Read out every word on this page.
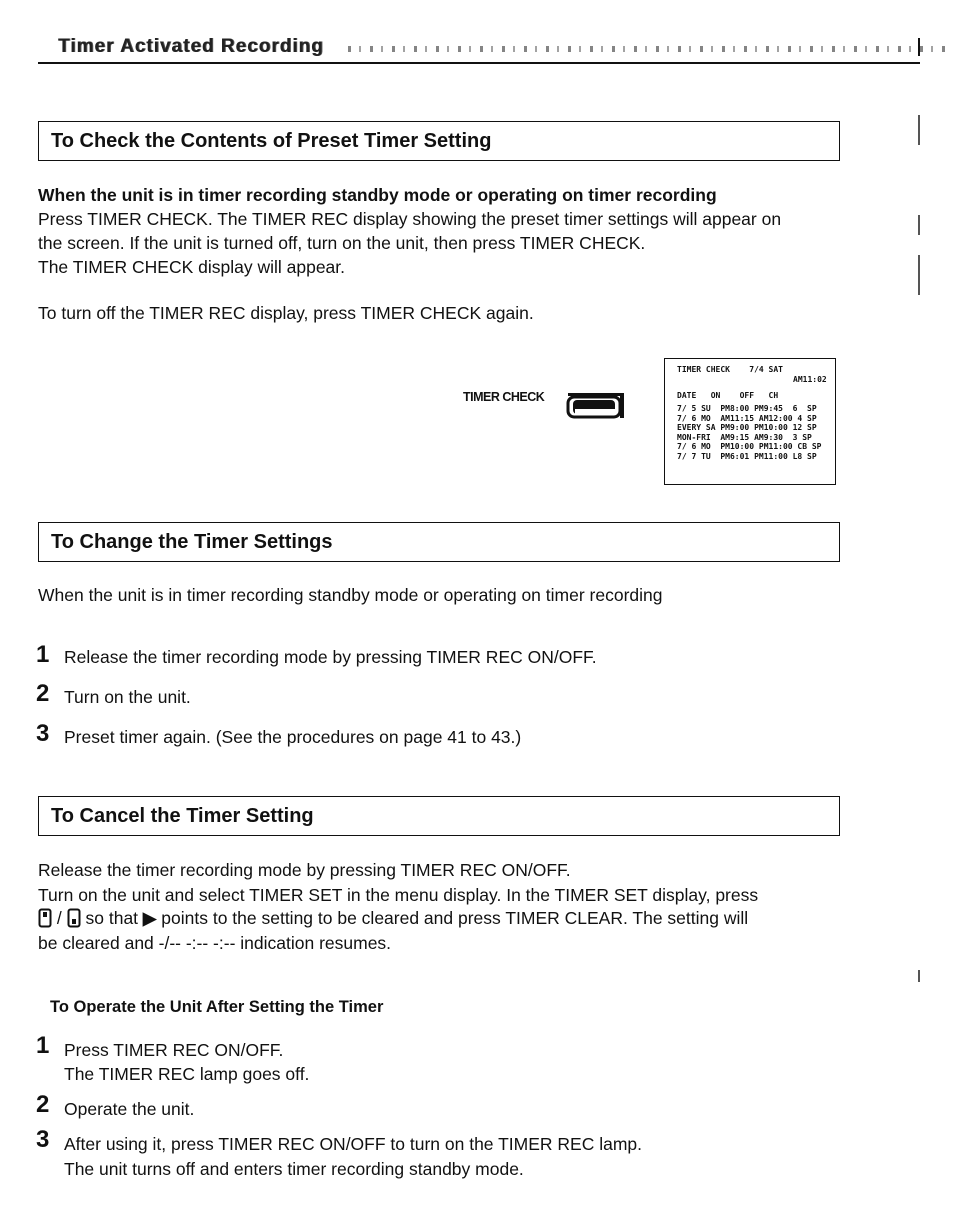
Timer Activated Recording
To Check the Contents of Preset Timer Setting
When the unit is in timer recording standby mode or operating on timer recording
Press TIMER CHECK. The TIMER REC display showing the preset timer settings will appear on
the screen. If the unit is turned off, turn on the unit, then press TIMER CHECK.
The TIMER CHECK display will appear.
To turn off the TIMER REC display, press TIMER CHECK again.
TIMER CHECK
TIMER CHECK 7/4 SAT
AM11:02
DATE   ON    OFF   CH
7/ 5 SU  PM8:00 PM9:45  6  SP
7/ 6 MO  AM11:15 AM12:00 4 SP
EVERY SA PM9:00 PM10:00 12 SP
MON-FRI  AM9:15 AM9:30  3 SP
7/ 6 MO  PM10:00 PM11:00 CB SP
7/ 7 TU  PM6:01 PM11:00 L8 SP
To Change the Timer Settings
When the unit is in timer recording standby mode or operating on timer recording
1 Release the timer recording mode by pressing TIMER REC ON/OFF.
2 Turn on the unit.
3 Preset timer again. (See the procedures on page 41 to 43.)
To Cancel the Timer Setting
Release the timer recording mode by pressing TIMER REC ON/OFF.
Turn on the unit and select TIMER SET in the menu display. In the TIMER SET display, press
/ so that ▶ points to the setting to be cleared and press TIMER CLEAR. The setting will
be cleared and -/-- -:-- -:-- indication resumes.
To Operate the Unit After Setting the Timer
1 Press TIMER REC ON/OFF.
The TIMER REC lamp goes off.
2 Operate the unit.
3 After using it, press TIMER REC ON/OFF to turn on the TIMER REC lamp.
The unit turns off and enters timer recording standby mode.
